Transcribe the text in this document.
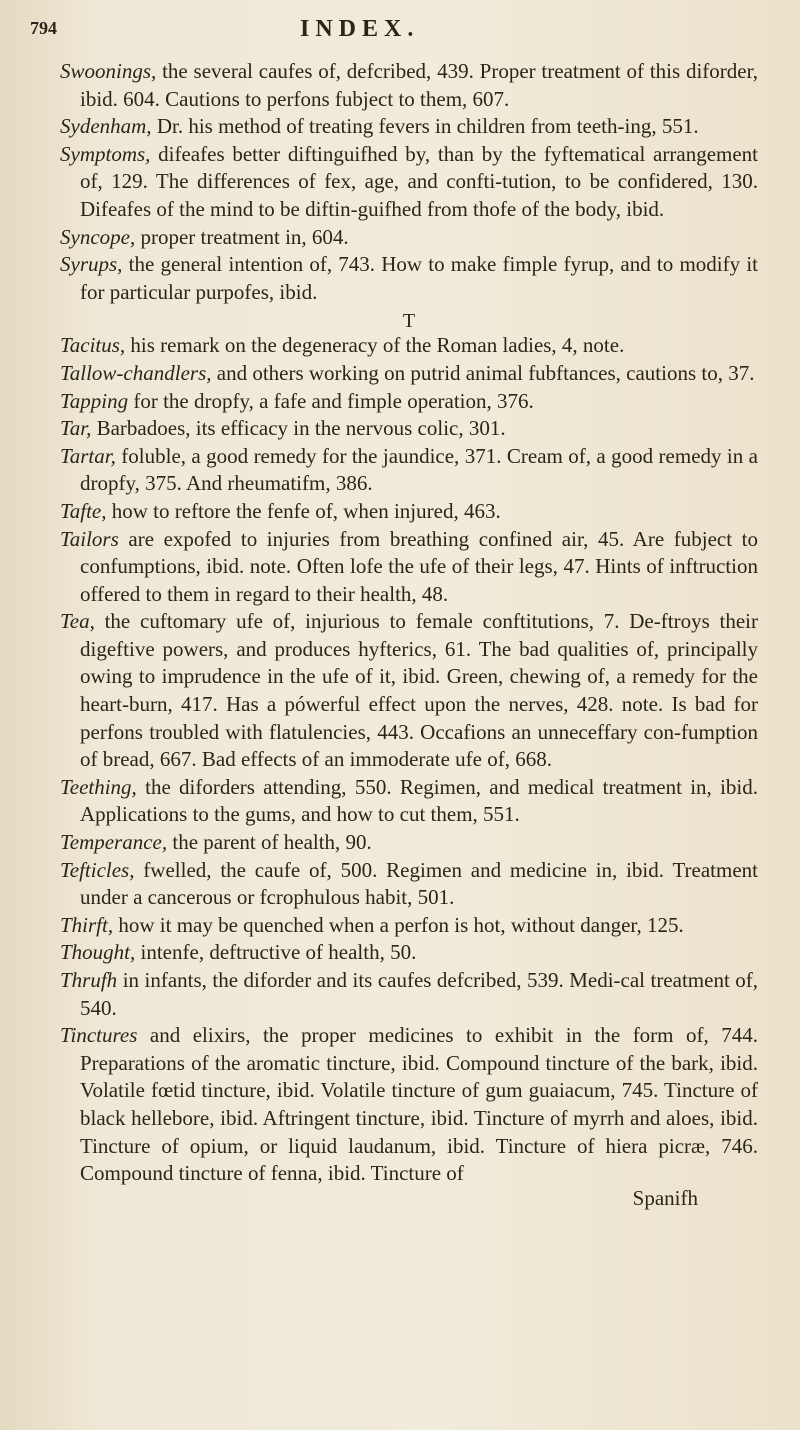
794	INDEX.

Swoonings, the several caufes of, defcribed, 439. Proper treatment of this diforder, ibid. 604. Cautions to perfons fubject to them, 607.

Sydenham, Dr. his method of treating fevers in children from teeth-ing, 551.

Symptoms, difeafes better diftinguifhed by, than by the fyftematical arrangement of, 129. The differences of fex, age, and confti-tution, to be confidered, 130. Difeafes of the mind to be diftin-guifhed from thofe of the body, ibid.

Syncope, proper treatment in, 604.

Syrups, the general intention of, 743. How to make fimple fyrup, and to modify it for particular purpofes, ibid.

T

Tacitus, his remark on the degeneracy of the Roman ladies, 4, note.

Tallow-chandlers, and others working on putrid animal fubftances, cautions to, 37.

Tapping for the dropfy, a fafe and fimple operation, 376.

Tar, Barbadoes, its efficacy in the nervous colic, 301.

Tartar, foluble, a good remedy for the jaundice, 371. Cream of, a good remedy in a dropfy, 375. And rheumatifm, 386.

Tafte, how to reftore the fenfe of, when injured, 463.

Tailors are expofed to injuries from breathing confined air, 45. Are fubject to confumptions, ibid. note. Often lofe the ufe of their legs, 47. Hints of inftruction offered to them in regard to their health, 48.

Tea, the cuftomary ufe of, injurious to female conftitutions, 7. De-ftroys their digeftive powers, and produces hyfterics, 61. The bad qualities of, principally owing to imprudence in the ufe of it, ibid. Green, chewing of, a remedy for the heart-burn, 417. Has a pówerful effect upon the nerves, 428. note. Is bad for perfons troubled with flatulencies, 443. Occafions an unneceffary con-fumption of bread, 667. Bad effects of an immoderate ufe of, 668.

Teething, the diforders attending, 550. Regimen, and medical treatment in, ibid. Applications to the gums, and how to cut them, 551.

Temperance, the parent of health, 90.

Tefticles, fwelled, the caufe of, 500. Regimen and medicine in, ibid. Treatment under a cancerous or fcrophulous habit, 501.

Thirft, how it may be quenched when a perfon is hot, without danger, 125.

Thought, intenfe, deftructive of health, 50.

Thrufh in infants, the diforder and its caufes defcribed, 539. Medi-cal treatment of, 540.

Tinctures and elixirs, the proper medicines to exhibit in the form of, 744. Preparations of the aromatic tincture, ibid. Compound tincture of the bark, ibid. Volatile fœtid tincture, ibid. Volatile tincture of gum guaiacum, 745. Tincture of black hellebore, ibid. Aftringent tincture, ibid. Tincture of myrrh and aloes, ibid. Tincture of opium, or liquid laudanum, ibid. Tincture of hiera picræ, 746. Compound tincture of fenna, ibid. Tincture of

Spanifh
